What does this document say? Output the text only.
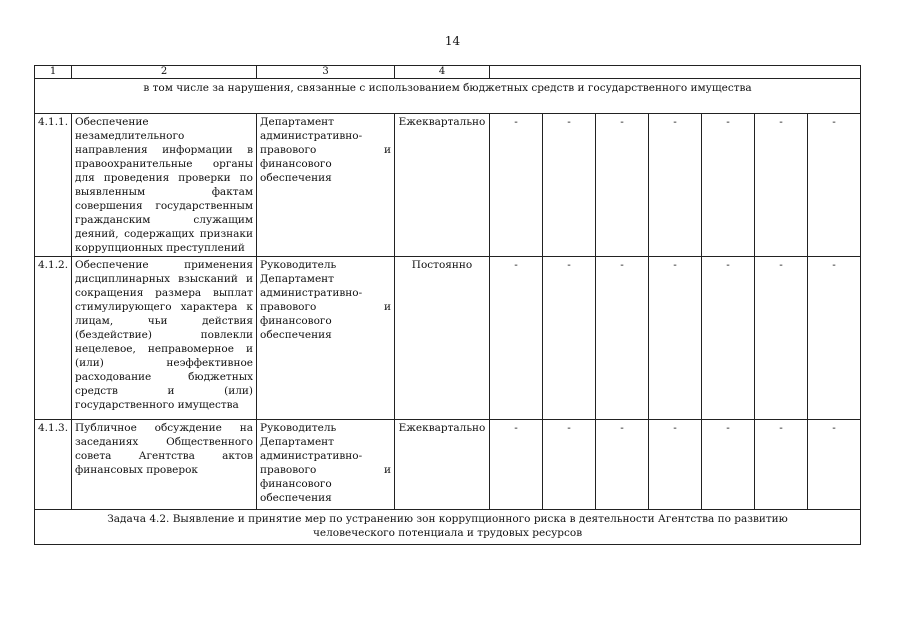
14
1	2	3	4							
в том числе за нарушения, связанные с использованием бюджетных средств и государственного имущества										
4.1.1.	Обеспечение незамедлительного направления информации в правоохранительные органы для проведения проверки по выявленным фактам совершения государственным гражданским служащим деяний, содержащих признаки коррупционных преступлений	Департамент административно-правового и финансового обеспечения	Ежеквартально	-	-	-	-	-	-	-
4.1.2.	Обеспечение применения дисциплинарных взысканий и сокращения размера выплат стимулирующего характера к лицам, чьи действия (бездействие) повлекли нецелевое, неправомерное и (или) неэффективное расходование бюджетных средств и (или) государственного имущества	Руководитель Департамент административно-правового и финансового обеспечения	Постоянно	-	-	-	-	-	-	-
4.1.3.	Публичное обсуждение на заседаниях Общественного совета Агентства актов финансовых проверок	Руководитель Департамент административно-правового и финансового обеспечения	Ежеквартально	-	-	-	-	-	-	-
Задача 4.2. Выявление и принятие мер по устранению зон коррупционного риска в деятельности Агентства по развитию человеческого потенциала и трудовых ресурсов										
